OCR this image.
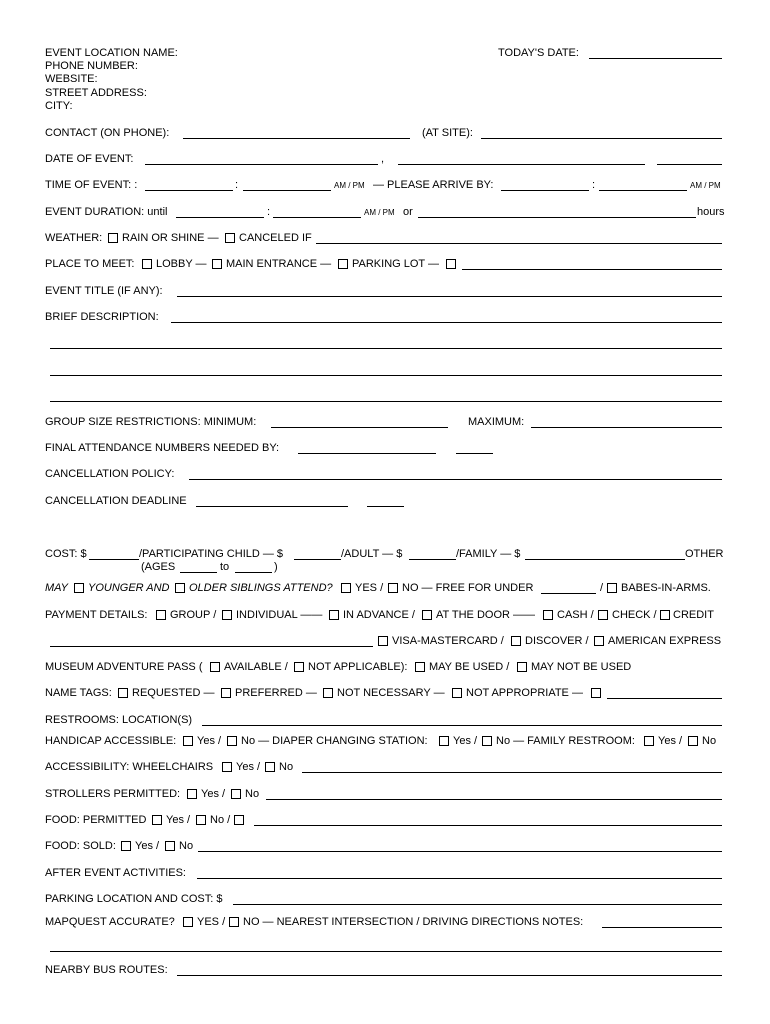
EVENT LOCATION NAME:
PHONE NUMBER:
WEBSITE:
STREET ADDRESS:
CITY:
TODAY'S DATE:
CONTACT (ON PHONE):	(AT SITE):
DATE OF EVENT:	,
TIME OF EVENT: :	:	AM / PM — PLEASE ARRIVE BY:	:	AM / PM
EVENT DURATION: until	:	AM / PM or	hours
WEATHER: RAIN OR SHINE — CANCELED IF
PLACE TO MEET: LOBBY — MAIN ENTRANCE — PARKING LOT —
EVENT TITLE (IF ANY):
BRIEF DESCRIPTION:
GROUP SIZE RESTRICTIONS: MINIMUM:	MAXIMUM:
FINAL ATTENDANCE NUMBERS NEEDED BY:
CANCELLATION POLICY:
CANCELLATION DEADLINE
COST: $	/PARTICIPATING CHILD — $	/ADULT — $	/FAMILY — $	OTHER
(AGES	to	)
MAY YOUNGER AND OLDER SIBLINGS ATTEND? YES / NO — FREE FOR UNDER	/ BABES-IN-ARMS.
PAYMENT DETAILS: GROUP / INDIVIDUAL —— IN ADVANCE / AT THE DOOR —— CASH / CHECK / CREDIT
VISA-MASTERCARD / DISCOVER / AMERICAN EXPRESS
MUSEUM ADVENTURE PASS ( AVAILABLE / NOT APPLICABLE): MAY BE USED / MAY NOT BE USED
NAME TAGS: REQUESTED — PREFERRED — NOT NECESSARY — NOT APPROPRIATE —
RESTROOMS: LOCATION(S)
HANDICAP ACCESSIBLE: Yes / No — DIAPER CHANGING STATION: Yes / No — FAMILY RESTROOM: Yes / No
ACCESSIBILITY: WHEELCHAIRS Yes / No
STROLLERS PERMITTED: Yes / No
FOOD: PERMITTED Yes / No /
FOOD: SOLD: Yes / No
AFTER EVENT ACTIVITIES:
PARKING LOCATION AND COST: $
MAPQUEST ACCURATE? YES / NO — NEAREST INTERSECTION / DRIVING DIRECTIONS NOTES:
NEARBY BUS ROUTES:
